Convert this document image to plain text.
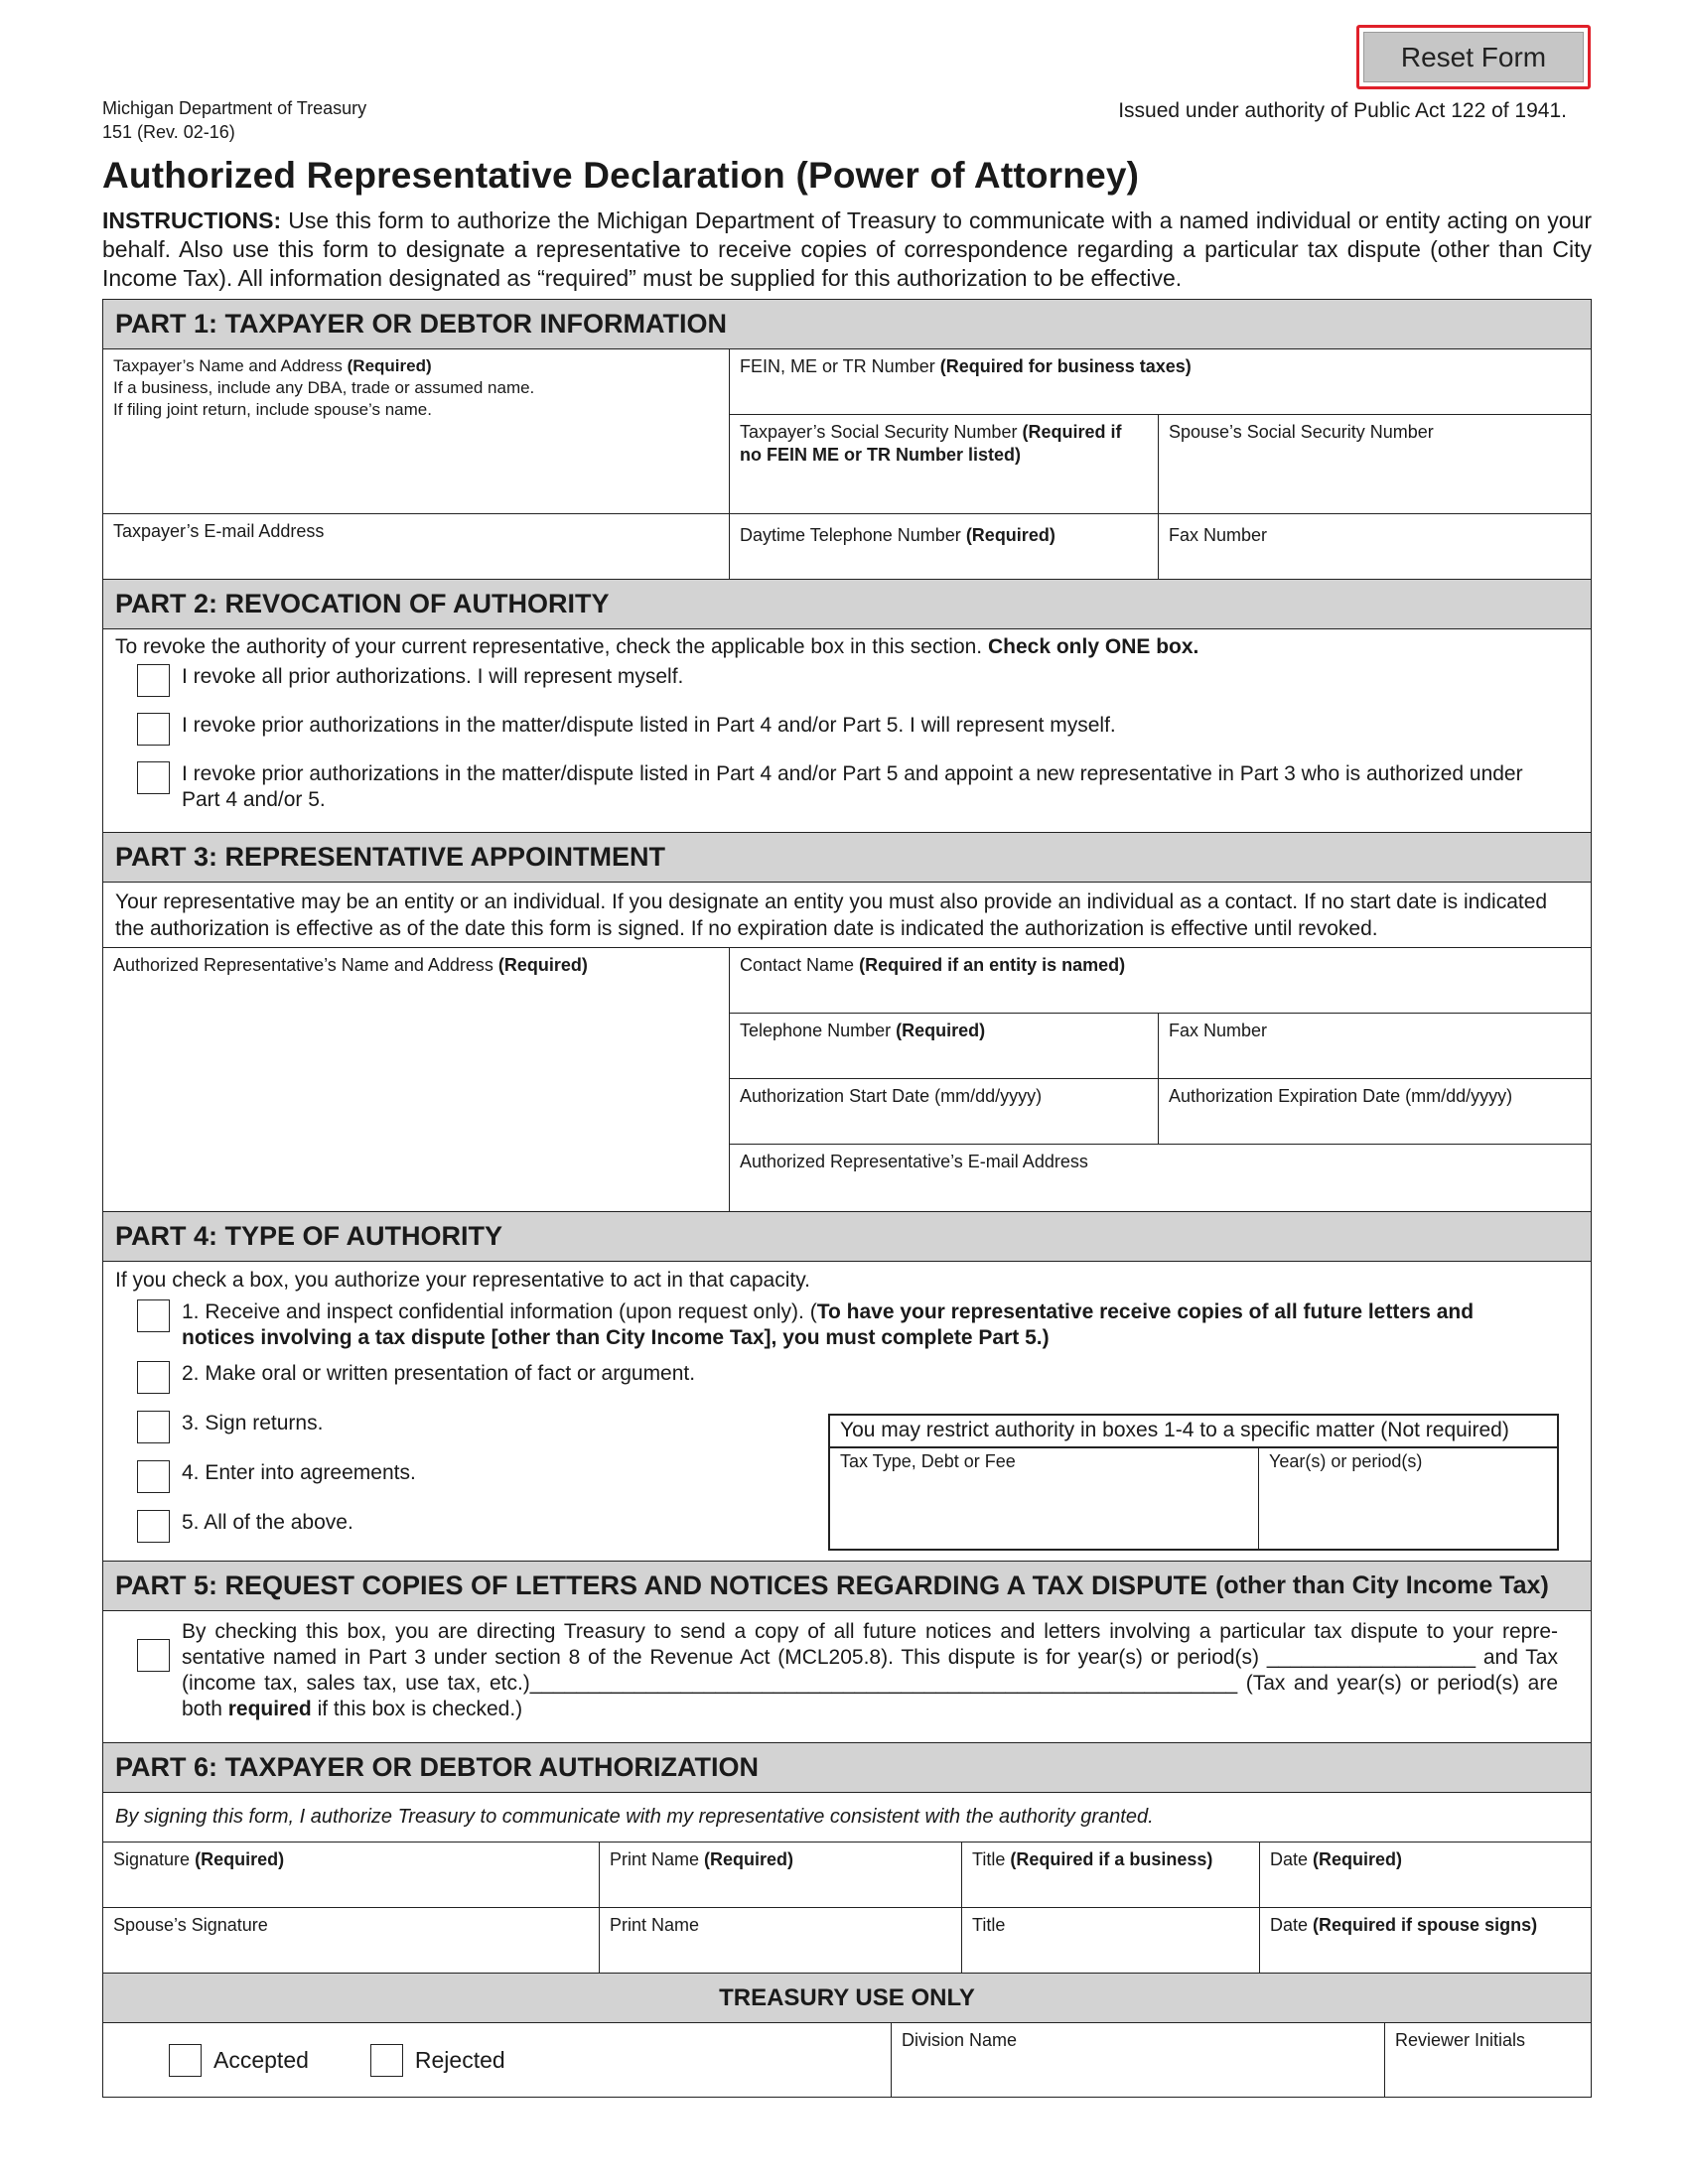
Reset Form
Michigan Department of Treasury
151 (Rev. 02-16)
Issued under authority of Public Act 122 of 1941.
Authorized Representative Declaration (Power of Attorney)
INSTRUCTIONS: Use this form to authorize the Michigan Department of Treasury to communicate with a named individual or entity acting on your behalf. Also use this form to designate a representative to receive copies of correspondence regarding a particular tax dispute (other than City Income Tax). All information designated as “required” must be supplied for this authorization to be effective.
PART 1: TAXPAYER OR DEBTOR INFORMATION
Taxpayer’s Name and Address (Required)
If a business, include any DBA, trade or assumed name.
If filing joint return, include spouse’s name.
FEIN, ME or TR Number (Required for business taxes)
Taxpayer’s Social Security Number (Required if no FEIN ME or TR Number listed)
Spouse’s Social Security Number
Taxpayer’s E-mail Address	Daytime Telephone Number (Required)	Fax Number
PART 2: REVOCATION OF AUTHORITY
To revoke the authority of your current representative, check the applicable box in this section. Check only ONE box.
I revoke all prior authorizations. I will represent myself.
I revoke prior authorizations in the matter/dispute listed in Part 4 and/or Part 5. I will represent myself.
I revoke prior authorizations in the matter/dispute listed in Part 4 and/or Part 5 and appoint a new representative in Part 3 who is authorized under Part 4 and/or 5.
PART 3: REPRESENTATIVE APPOINTMENT
Your representative may be an entity or an individual. If you designate an entity you must also provide an individual as a contact. If no start date is indicated the authorization is effective as of the date this form is signed. If no expiration date is indicated the authorization is effective until revoked.
Authorized Representative’s Name and Address (Required)	Contact Name (Required if an entity is named)
Telephone Number (Required)	Fax Number
Authorization Start Date (mm/dd/yyyy)	Authorization Expiration Date (mm/dd/yyyy)
Authorized Representative’s E-mail Address
PART 4: TYPE OF AUTHORITY
If you check a box, you authorize your representative to act in that capacity.
1. Receive and inspect confidential information (upon request only). (To have your representative receive copies of all future letters and notices involving a tax dispute [other than City Income Tax], you must complete Part 5.)
2. Make oral or written presentation of fact or argument.
3. Sign returns.
4. Enter into agreements.
5. All of the above.
You may restrict authority in boxes 1-4 to a specific matter (Not required)
Tax Type, Debt or Fee	Year(s) or period(s)
PART 5: REQUEST COPIES OF LETTERS AND NOTICES REGARDING A TAX DISPUTE (other than City Income Tax)
By checking this box, you are directing Treasury to send a copy of all future notices and letters involving a particular tax dispute to your repre-sentative named in Part 3 under section 8 of the Revenue Act (MCL205.8). This dispute is for year(s) or period(s) __________________ and Tax (income tax, sales tax, use tax, etc.)_____________________________________________________________ (Tax and year(s) or period(s) are both required if this box is checked.)
PART 6: TAXPAYER OR DEBTOR AUTHORIZATION
By signing this form, I authorize Treasury to communicate with my representative consistent with the authority granted.
Signature (Required)	Print Name (Required)	Title (Required if a business)	Date (Required)
Spouse’s Signature	Print Name	Title	Date (Required if spouse signs)
TREASURY USE ONLY
Accepted	Rejected
Division Name	Reviewer Initials
